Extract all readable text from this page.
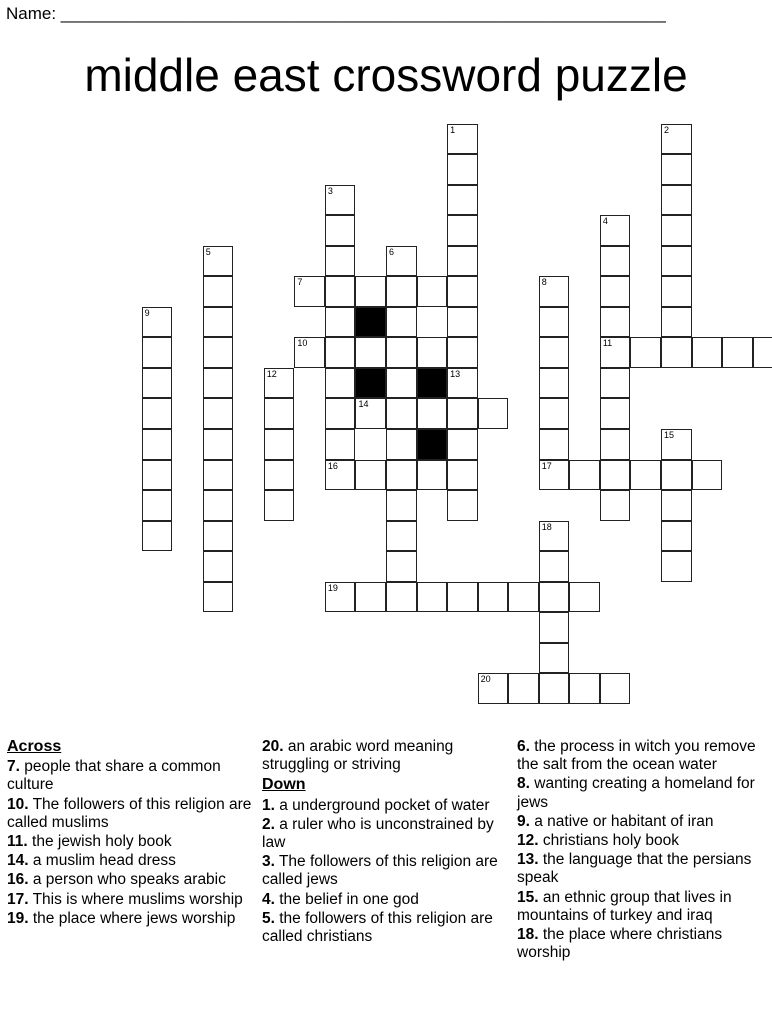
Name: ________________________________________________________________
middle east crossword puzzle
1	2
3
4
11
5	6
7	8
17
9
10
12	13
14
15
16
18
19
20
Across
7. people that share a common culture
10. The followers of this religion are called muslims
11. the jewish holy book
14. a muslim head dress
16. a person who speaks arabic
17. This is where muslims worship
19. the place where jews worship
20. an arabic word meaning struggling or striving
Down
1. a underground pocket of water
2. a ruler who is unconstrained by law
3. The followers of this religion are called jews
4. the belief in one god
5. the followers of this religion are called christians
6. the process in witch you remove the salt from the ocean water
8. wanting creating a homeland for jews
9. a native or habitant of iran
12. christians holy book
13. the language that the persians speak
15. an ethnic group that lives in mountains of turkey and iraq
18. the place where christians worship
